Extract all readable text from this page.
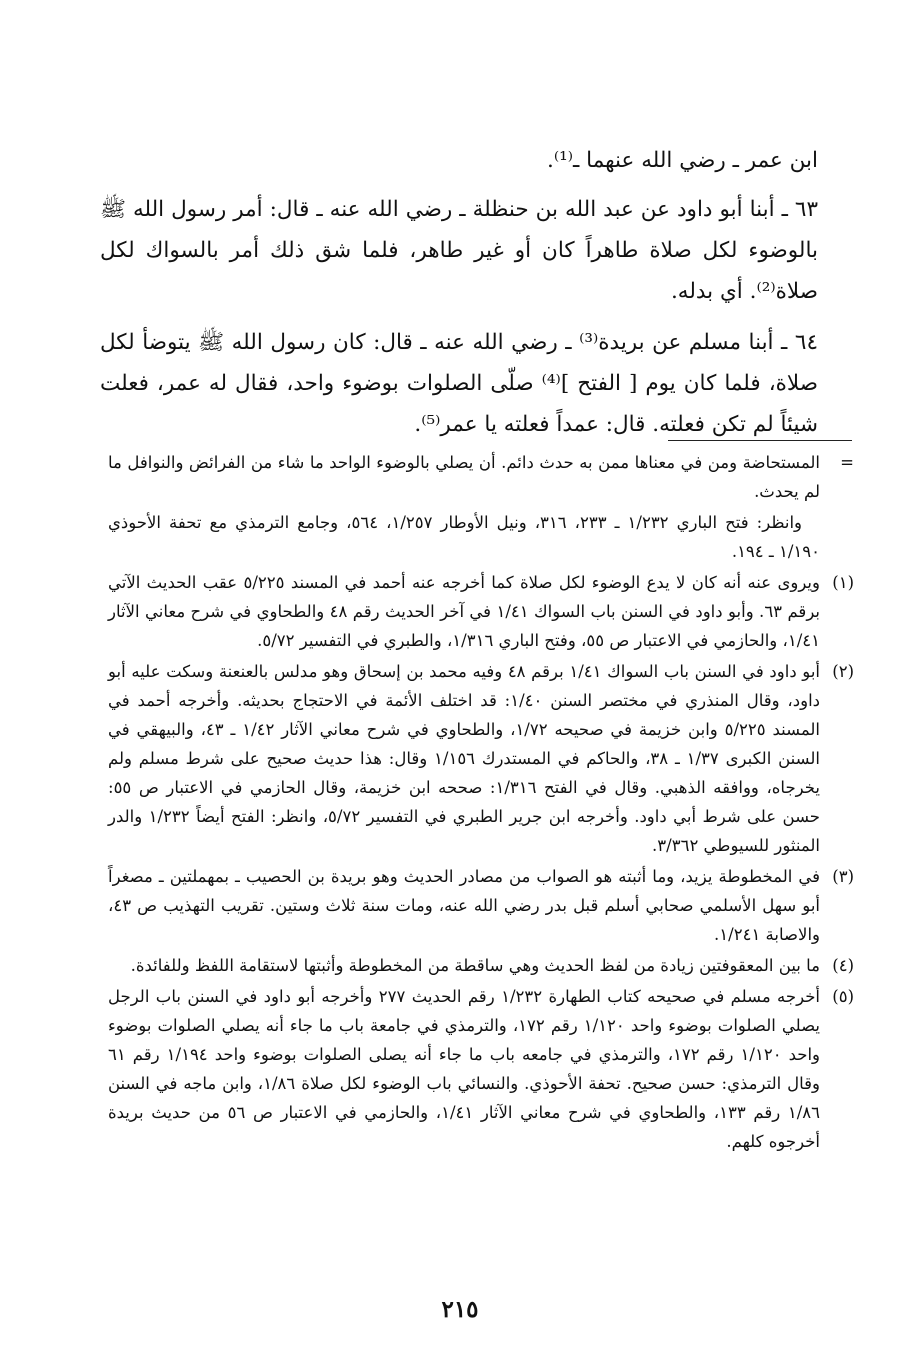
ابن عمر ـ رضي الله عنهما ـ⁽¹⁾.

٦٣ ـ أبنا أبو داود عن عبد الله بن حنظلة ـ رضي الله عنه ـ قال: أمر رسول الله ﷺ بالوضوء لكل صلاة طاهراً كان أو غير طاهر، فلما شق ذلك أمر بالسواك لكل صلاة⁽²⁾. أي بدله.

٦٤ ـ أبنا مسلم عن بريدة⁽³⁾ ـ رضي الله عنه ـ قال: كان رسول الله ﷺ يتوضأ لكل صلاة، فلما كان يوم [ الفتح ]⁽⁴⁾ صلّى الصلوات بوضوء واحد، فقال له عمر، فعلت شيئاً لم تكن فعلته. قال: عمداً فعلته يا عمر⁽⁵⁾.

=
المستحاضة ومن في معناها ممن به حدث دائم. أن يصلي بالوضوء الواحد ما شاء من الفرائض والنوافل ما لم يحدث.
وانظر: فتح الباري ١/٢٣٢ ـ ٢٣٣، ٣١٦، ونيل الأوطار ١/٢٥٧، ٥٦٤، وجامع الترمذي مع تحفة الأحوذي ١/١٩٠ ـ ١٩٤.
(١)
ويروى عنه أنه كان لا يدع الوضوء لكل صلاة كما أخرجه عنه أحمد في المسند ٥/٢٢٥ عقب الحديث الآتي برقم ٦٣. وأبو داود في السنن باب السواك ١/٤١ في آخر الحديث رقم ٤٨ والطحاوي في شرح معاني الآثار ١/٤١، والحازمي في الاعتبار ص ٥٥، وفتح الباري ١/٣١٦، والطبري في التفسير ٥/٧٢.
(٢)
أبو داود في السنن باب السواك ١/٤١ برقم ٤٨ وفيه محمد بن إسحاق وهو مدلس بالعنعنة وسكت عليه أبو داود، وقال المنذري في مختصر السنن ١/٤٠: قد اختلف الأئمة في الاحتجاج بحديثه. وأخرجه أحمد في المسند ٥/٢٢٥ وابن خزيمة في صحيحه ١/٧٢، والطحاوي في شرح معاني الآثار ١/٤٢ ـ ٤٣، والبيهقي في السنن الكبرى ١/٣٧ ـ ٣٨، والحاكم في المستدرك ١/١٥٦ وقال: هذا حديث صحيح على شرط مسلم ولم يخرجاه، ووافقه الذهبي. وقال في الفتح ١/٣١٦: صححه ابن خزيمة، وقال الحازمي في الاعتبار ص ٥٥: حسن على شرط أبي داود. وأخرجه ابن جرير الطبري في التفسير ٥/٧٢، وانظر: الفتح أيضاً ١/٢٣٢ والدر المنثور للسيوطي ٣/٣٦٢.
(٣)
في المخطوطة يزيد، وما أثبته هو الصواب من مصادر الحديث وهو بريدة بن الحصيب ـ بمهملتين ـ مصغراً أبو سهل الأسلمي صحابي أسلم قبل بدر رضي الله عنه، ومات سنة ثلاث وستين. تقريب التهذيب ص ٤٣، والاصابة ١/٢٤١.
(٤)
ما بين المعقوفتين زيادة من لفظ الحديث وهي ساقطة من المخطوطة وأثبتها لاستقامة اللفظ وللفائدة.
(٥)
أخرجه مسلم في صحيحه كتاب الطهارة ١/٢٣٢ رقم الحديث ٢٧٧ وأخرجه أبو داود في السنن باب الرجل يصلي الصلوات بوضوء واحد ١/١٢٠ رقم ١٧٢، والترمذي في جامعة باب ما جاء أنه يصلي الصلوات بوضوء واحد ١/١٢٠ رقم ١٧٢، والترمذي في جامعه باب ما جاء أنه يصلى الصلوات بوضوء واحد ١/١٩٤ رقم ٦١ وقال الترمذي: حسن صحيح. تحفة الأحوذي. والنسائي باب الوضوء لكل صلاة ١/٨٦، وابن ماجه في السنن ١/٨٦ رقم ١٣٣، والطحاوي في شرح معاني الآثار ١/٤١، والحازمي في الاعتبار ص ٥٦ من حديث بريدة أخرجوه كلهم.
٢١٥
